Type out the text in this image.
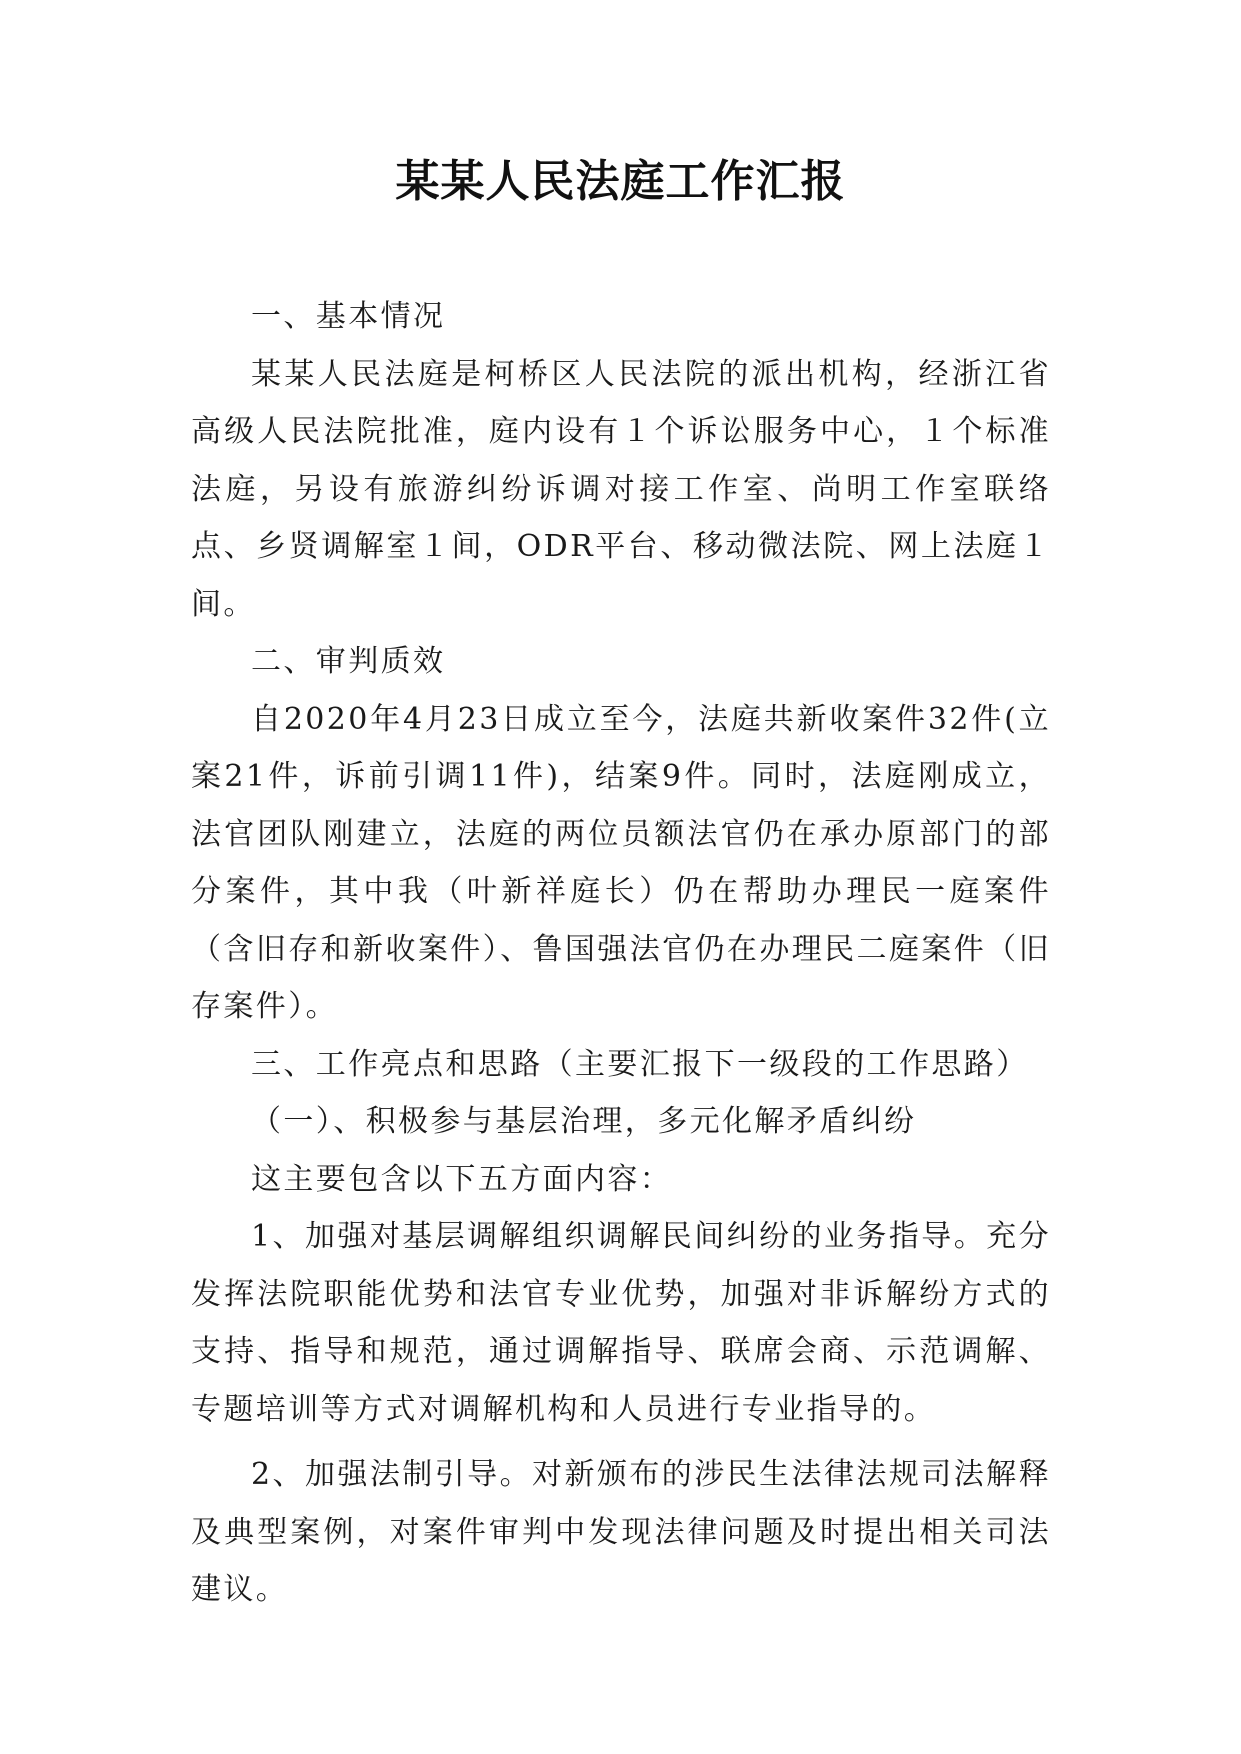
某某人民法庭工作汇报

一、基本情况

某某人民法庭是柯桥区人民法院的派出机构，经浙江省高级人民法院批准，庭内设有１个诉讼服务中心，１个标准法庭，另设有旅游纠纷诉调对接工作室、尚明工作室联络点、乡贤调解室１间，ODR平台、移动微法院、网上法庭１间。

二、审判质效

自2020年4月23日成立至今，法庭共新收案件32件(立案21件，诉前引调11件)，结案9件。同时，法庭刚成立，法官团队刚建立，法庭的两位员额法官仍在承办原部门的部分案件，其中我（叶新祥庭长）仍在帮助办理民一庭案件（含旧存和新收案件）、鲁国强法官仍在办理民二庭案件（旧存案件）。

三、工作亮点和思路（主要汇报下一级段的工作思路）

（一）、积极参与基层治理，多元化解矛盾纠纷

这主要包含以下五方面内容：

1、加强对基层调解组织调解民间纠纷的业务指导。充分发挥法院职能优势和法官专业优势，加强对非诉解纷方式的支持、指导和规范，通过调解指导、联席会商、示范调解、专题培训等方式对调解机构和人员进行专业指导的。

2、加强法制引导。对新颁布的涉民生法律法规司法解释及典型案例，对案件审判中发现法律问题及时提出相关司法建议。
